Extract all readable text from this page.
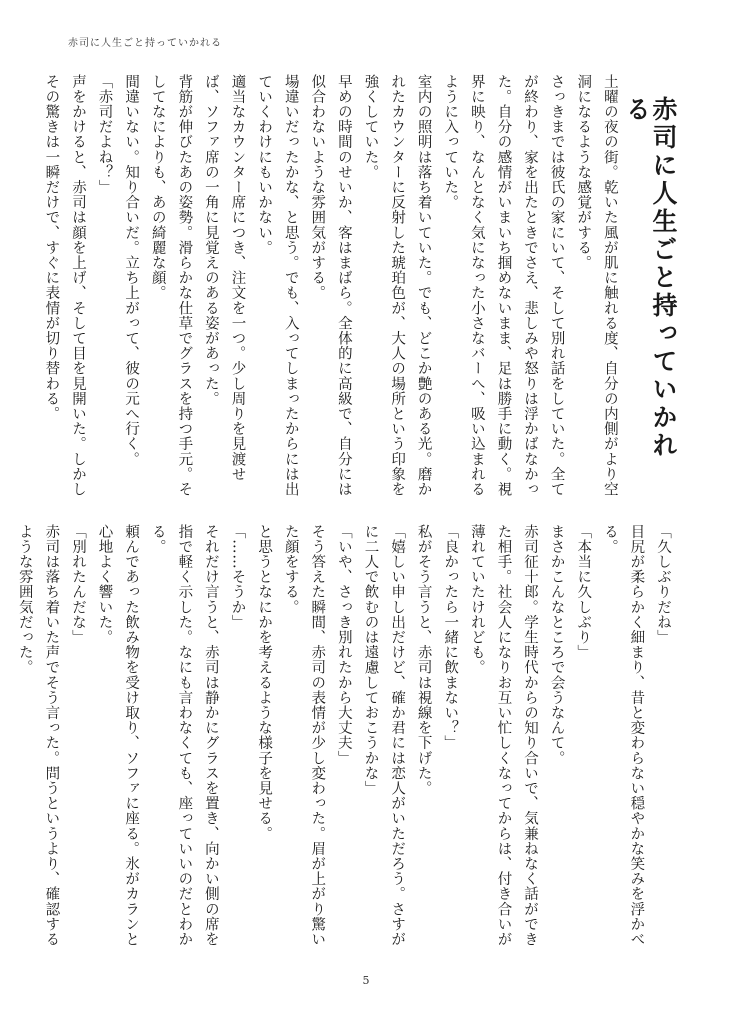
赤司に人生ごと持っていかれる
赤司に人生ごと持っていかれる

土曜の夜の街。乾いた風が肌に触れる度、自分の内側がより空洞になるような感覚がする。

さっきまでは彼氏の家にいて、そして別れ話をしていた。全てが終わり、家を出たときでさえ、悲しみや怒りは浮かばなかった。自分の感情がいまいち掴めないまま、足は勝手に動く。視界に映り、なんとなく気になった小さなバーへ、吸い込まれるように入っていた。

室内の照明は落ち着いていた。でも、どこか艶のある光。磨かれたカウンターに反射した琥珀色が、大人の場所という印象を強くしていた。

早めの時間のせいか、客はまばら。全体的に高級で、自分には似合わないような雰囲気がする。

場違いだったかな、と思う。でも、入ってしまったからには出ていくわけにもいかない。

適当なカウンター席につき、注文を一つ。少し周りを見渡せば、ソファ席の一角に見覚えのある姿があった。

背筋が伸びたあの姿勢。滑らかな仕草でグラスを持つ手元。そしてなによりも、あの綺麗な顔。

間違いない。知り合いだ。立ち上がって、彼の元へ行く。

「赤司だよね？」

声をかけると、赤司は顔を上げ、そして目を見開いた。しかしその驚きは一瞬だけで、すぐに表情が切り替わる。

「久しぶりだね」

目尻が柔らかく細まり、昔と変わらない穏やかな笑みを浮かべる。

「本当に久しぶり」

まさかこんなところで会うなんて。

赤司征十郎。学生時代からの知り合いで、気兼ねなく話ができた相手。社会人になりお互い忙しくなってからは、付き合いが薄れていたけれども。

「良かったら一緒に飲まない？」

私がそう言うと、赤司は視線を下げた。

「嬉しい申し出だけど、確か君には恋人がいただろう。さすがに二人で飲むのは遠慮しておこうかな」

「いや、さっき別れたから大丈夫」

そう答えた瞬間、赤司の表情が少し変わった。眉が上がり驚いた顔をする。

と思うとなにかを考えるような様子を見せる。

「……そうか」

それだけ言うと、赤司は静かにグラスを置き、向かい側の席を指で軽く示した。なにも言わなくても、座っていいのだとわかる。

頼んであった飲み物を受け取り、ソファに座る。氷がカランと心地よく響いた。

「別れたんだな」

赤司は落ち着いた声でそう言った。問うというより、確認するような雰囲気だった。

5
